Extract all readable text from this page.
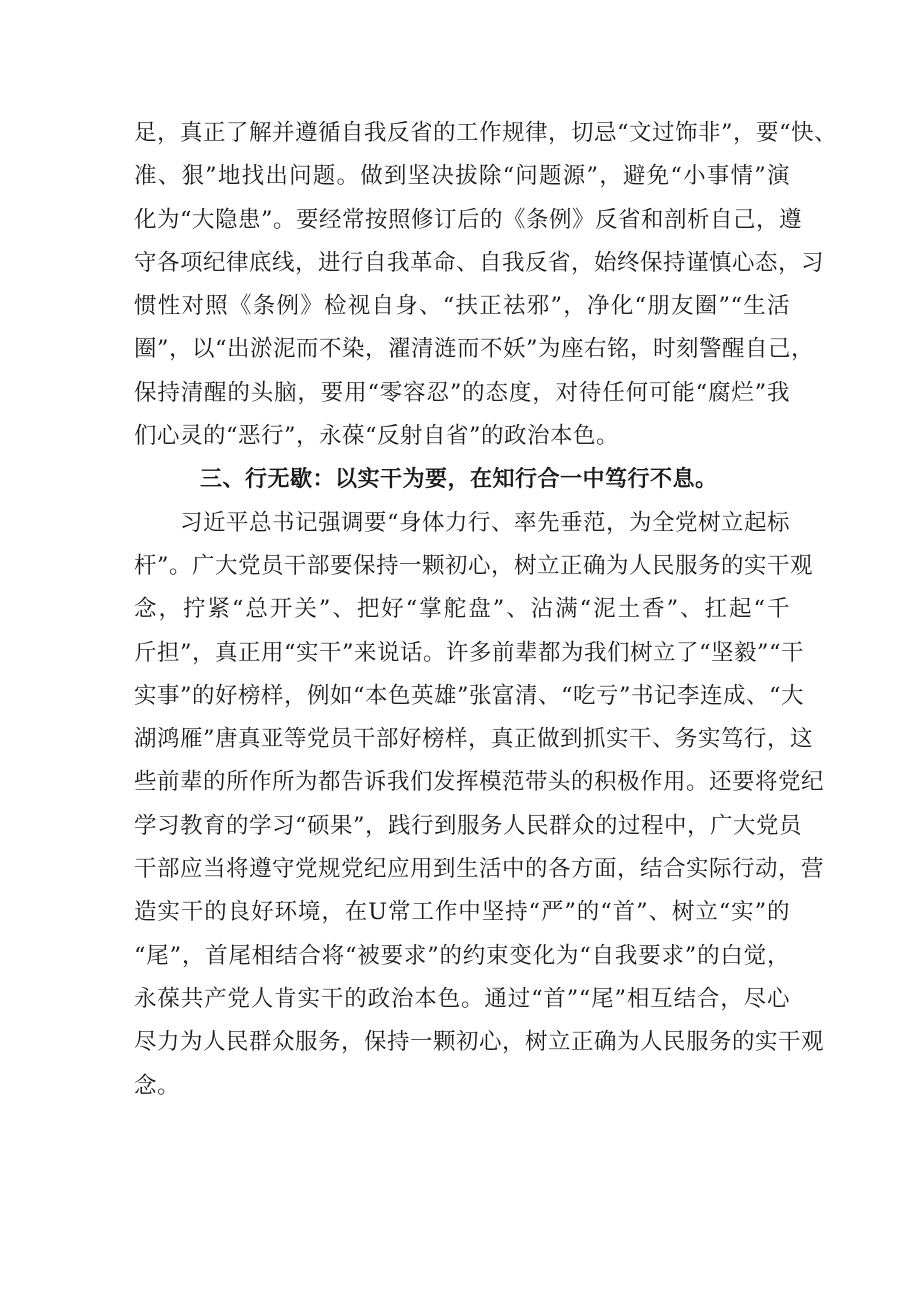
足，真正了解并遵循自我反省的工作规律，切忌“文过饰非”，要“快、
准、狠”地找出问题。做到坚决拔除“问题源”，避免“小事情”演
化为“大隐患”。要经常按照修订后的《条例》反省和剖析自己，遵
守各项纪律底线，进行自我革命、自我反省，始终保持谨慎心态，习
惯性对照《条例》检视自身、“扶正祛邪”，净化“朋友圈”“生活
圈”，以“出淤泥而不染，濯清涟而不妖”为座右铭，时刻警醒自己，
保持清醒的头脑，要用“零容忍”的态度，对待任何可能“腐烂”我
们心灵的“恶行”，永葆“反射自省”的政治本色。
三、行无歇：以实干为要，在知行合一中笃行不息。
习近平总书记强调要“身体力行、率先垂范，为全党树立起标
杆”。广大党员干部要保持一颗初心，树立正确为人民服务的实干观
念，拧紧“总开关”、把好“掌舵盘”、沾满“泥土香”、扛起“千
斤担”，真正用“实干”来说话。许多前辈都为我们树立了“坚毅”“干
实事”的好榜样，例如“本色英雄”张富清、“吃亏”书记李连成、“大
湖鸿雁”唐真亚等党员干部好榜样，真正做到抓实干、务实笃行，这
些前辈的所作所为都告诉我们发挥模范带头的积极作用。还要将党纪
学习教育的学习“硕果”，践行到服务人民群众的过程中，广大党员
干部应当将遵守党规党纪应用到生活中的各方面，结合实际行动，营
造实干的良好环境，在U常工作中坚持“严”的“首”、树立“实”的
“尾”，首尾相结合将“被要求”的约束变化为“自我要求”的白觉，
永葆共产党人肯实干的政治本色。通过“首”“尾”相互结合，尽心
尽力为人民群众服务，保持一颗初心，树立正确为人民服务的实干观
念。
